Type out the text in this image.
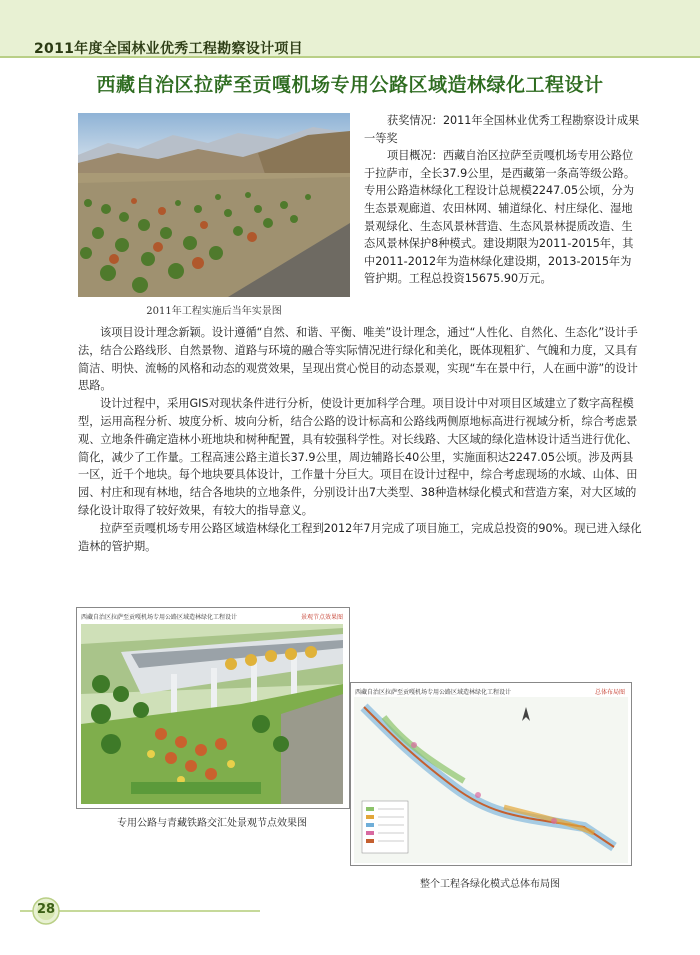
2011年度全国林业优秀工程勘察设计项目
西藏自治区拉萨至贡嘎机场专用公路区域造林绿化工程设计
2011年工程实施后当年实景图

获奖情况：2011年全国林业优秀工程勘察设计成果一等奖

项目概况：西藏自治区拉萨至贡嘎机场专用公路位于拉萨市，全长37.9公里，是西藏第一条高等级公路。专用公路造林绿化工程设计总规模2247.05公顷，分为生态景观廊道、农田林网、辅道绿化、村庄绿化、湿地景观绿化、生态风景林营造、生态风景林提质改造、生态风景林保护8种模式。建设期限为2011-2015年，其中2011-2012年为造林绿化建设期，2013-2015年为管护期。工程总投资15675.90万元。

该项目设计理念新颖。设计遵循“自然、和谐、平衡、唯美”设计理念，通过“人性化、自然化、生态化”设计手法，结合公路线形、自然景物、道路与环境的融合等实际情况进行绿化和美化，既体现粗犷、气魄和力度，又具有简洁、明快、流畅的风格和动态的观赏效果，呈现出赏心悦目的动态景观，实现“车在景中行，人在画中游”的设计思路。

设计过程中，采用GIS对现状条件进行分析，使设计更加科学合理。项目设计中对项目区域建立了数字高程模型，运用高程分析、坡度分析、坡向分析，结合公路的设计标高和公路线两侧原地标高进行视域分析，综合考虑景观、立地条件确定造林小班地块和树种配置，具有较强科学性。对长线路、大区域的绿化造林设计适当进行优化、简化，减少了工作量。工程高速公路主道长37.9公里，周边辅路长40公里，实施面积达2247.05公顷。涉及两县一区，近千个地块。每个地块要具体设计，工作量十分巨大。项目在设计过程中，综合考虑现场的水域、山体、田园、村庄和现有林地，结合各地块的立地条件，分别设计出7大类型、38种造林绿化模式和营造方案，对大区域的绿化设计取得了较好效果，有较大的指导意义。

拉萨至贡嘎机场专用公路区域造林绿化工程到2012年7月完成了项目施工，完成总投资的90%。现已进入绿化造林的管护期。

西藏自治区拉萨至贡嘎机场专用公路区域造林绿化工程设计	景观节点效果图
专用公路与青藏铁路交汇处景观节点效果图
西藏自治区拉萨至贡嘎机场专用公路区域造林绿化工程设计	总体布局图
整个工程各绿化模式总体布局图
28
